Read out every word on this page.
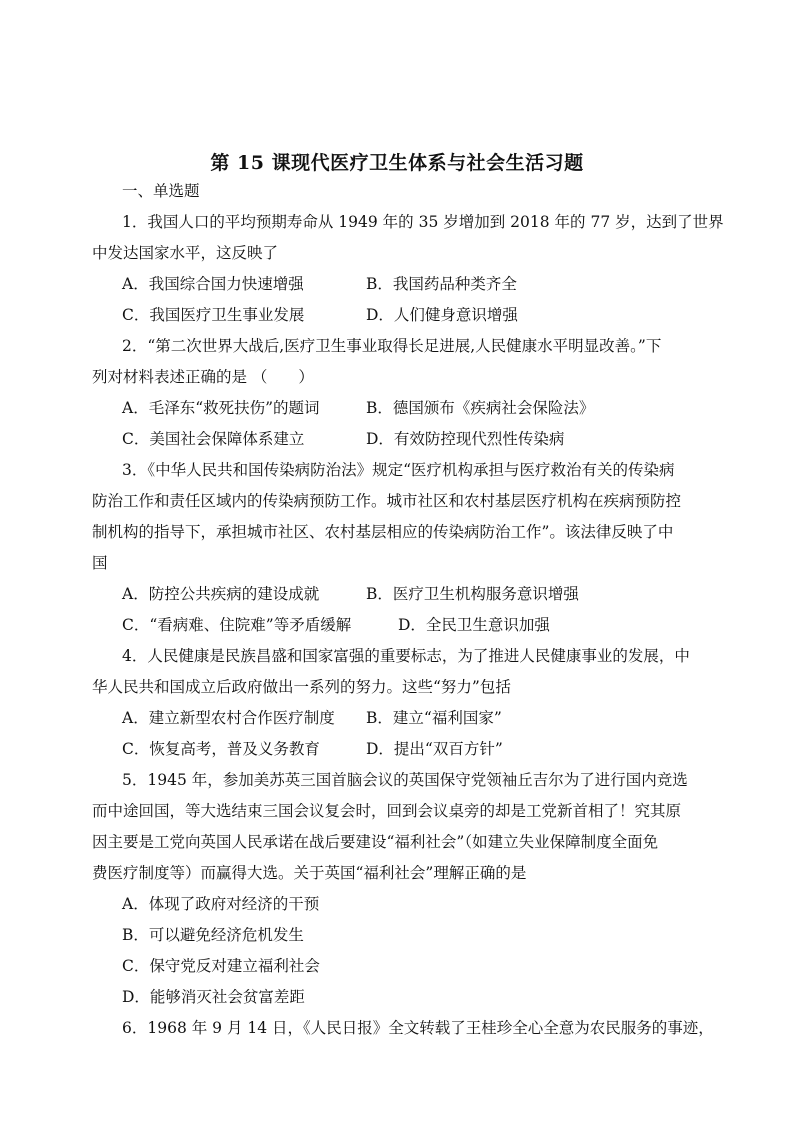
第 15 课现代医疗卫生体系与社会生活习题
一、单选题
1．我国人口的平均预期寿命从 1949 年的 35 岁增加到 2018 年的 77 岁，达到了世界
中发达国家水平，这反映了
A．我国综合国力快速增强	B．我国药品种类齐全
C．我国医疗卫生事业发展	D．人们健身意识增强
2．“第二次世界大战后,医疗卫生事业取得长足进展,人民健康水平明显改善。”下
列对材料表述正确的是 （　　）
A．毛泽东“救死扶伤”的题词	B．德国颁布《疾病社会保险法》
C．美国社会保障体系建立	D．有效防控现代烈性传染病
3．《中华人民共和国传染病防治法》规定“医疗机构承担与医疗救治有关的传染病
防治工作和责任区域内的传染病预防工作。城市社区和农村基层医疗机构在疾病预防控
制机构的指导下，承担城市社区、农村基层相应的传染病防治工作”。该法律反映了中
国
A．防控公共疾病的建设成就	B．医疗卫生机构服务意识增强
C．“看病难、住院难”等矛盾缓解	D．全民卫生意识加强
4．人民健康是民族昌盛和国家富强的重要标志，为了推进人民健康事业的发展，中
华人民共和国成立后政府做出一系列的努力。这些“努力”包括
A．建立新型农村合作医疗制度 B．建立“福利国家”
C．恢复高考，普及义务教育	D．提出“双百方针”
5．1945 年，参加美苏英三国首脑会议的英国保守党领袖丘吉尔为了进行国内竞选
而中途回国，等大选结束三国会议复会时，回到会议桌旁的却是工党新首相了！究其原
因主要是工党向英国人民承诺在战后要建设“福利社会”（如建立失业保障制度全面免
费医疗制度等）而赢得大选。关于英国“福利社会”理解正确的是
A．体现了政府对经济的干预
B．可以避免经济危机发生
C．保守党反对建立福利社会
D．能够消灭社会贫富差距
6．1968 年 9 月 14 日，《人民日报》全文转载了王桂珍全心全意为农民服务的事迹，
